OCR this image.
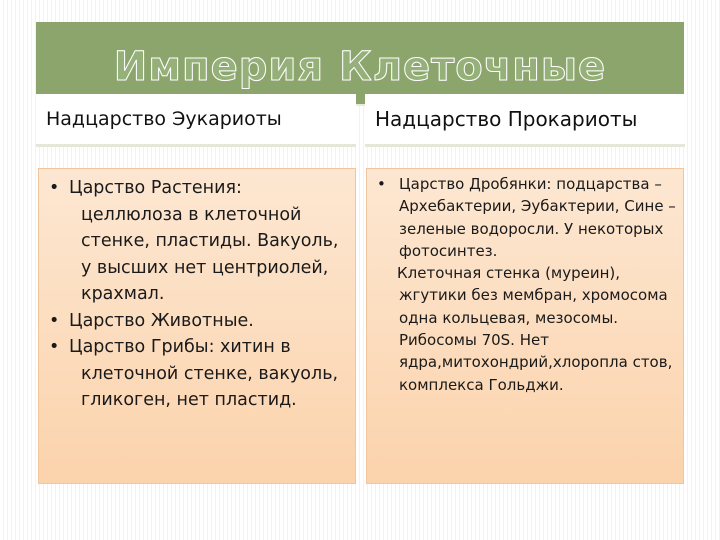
Империя Клеточные
Надцарство Эукариоты	Надцарство Прокариоты
• Царство Растения: целлюлоза в клеточной стенке, пластиды. Вакуоль, у высших нет центриолей, крахмал.
• Царство Животные.
• Царство Грибы: хитин в клеточной стенке, вакуоль, гликоген, нет пластид.
• Царство Дробянки: подцарства – Архебактерии, Эубактерии, Сине – зеленые водоросли. У некоторых фотосинтез.
Клеточная стенка (муреин), жгутики без мембран, хромосома одна кольцевая, мезосомы. Рибосомы 70S. Нет ядра,митохондрий,хлоропла стов, комплекса Гольджи.
